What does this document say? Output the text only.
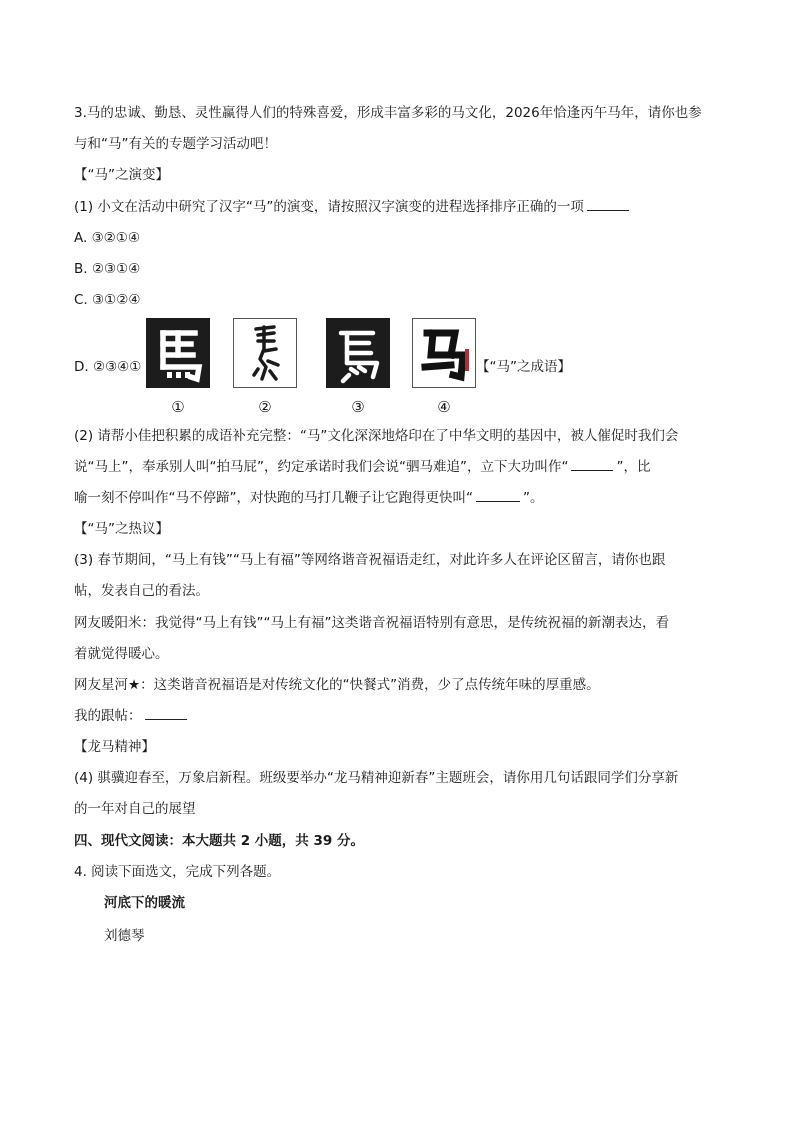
3.马的忠诚、勤恳、灵性赢得人们的特殊喜爱，形成丰富多彩的马文化，2026年恰逢丙午马年，请你也参
与和“马”有关的专题学习活动吧！
【“马”之演变】
(1) 小文在活动中研究了汉字“马”的演变，请按照汉字演变的进程选择排序正确的一项
A. ③②①④
B. ②③①④
C. ③①②④
D. ②③④①	【“马”之成语】
①	②	③	④
(2) 请帮小佳把积累的成语补充完整：“马”文化深深地烙印在了中华文明的基因中，被人催促时我们会
说“马上”，奉承别人叫“拍马屁”，约定承诺时我们会说“驷马难追”，立下大功叫作“	”，比
喻一刻不停叫作“马不停蹄”，对快跑的马打几鞭子让它跑得更快叫“	”。
【“马”之热议】
(3) 春节期间，“马上有钱”“马上有福”等网络谐音祝福语走红，对此许多人在评论区留言，请你也跟
帖，发表自己的看法。
网友暖阳米：我觉得“马上有钱”“马上有福”这类谐音祝福语特别有意思，是传统祝福的新潮表达，看
着就觉得暖心。
网友星河★：这类谐音祝福语是对传统文化的“快餐式”消费，少了点传统年味的厚重感。
我的跟帖：
【龙马精神】
(4) 骐骥迎春至，万象启新程。班级要举办“龙马精神迎新春”主题班会，请你用几句话跟同学们分享新
的一年对自己的展望
四、现代文阅读：本大题共 2 小题，共 39 分。
4. 阅读下面选文，完成下列各题。
河底下的暖流
刘德琴
